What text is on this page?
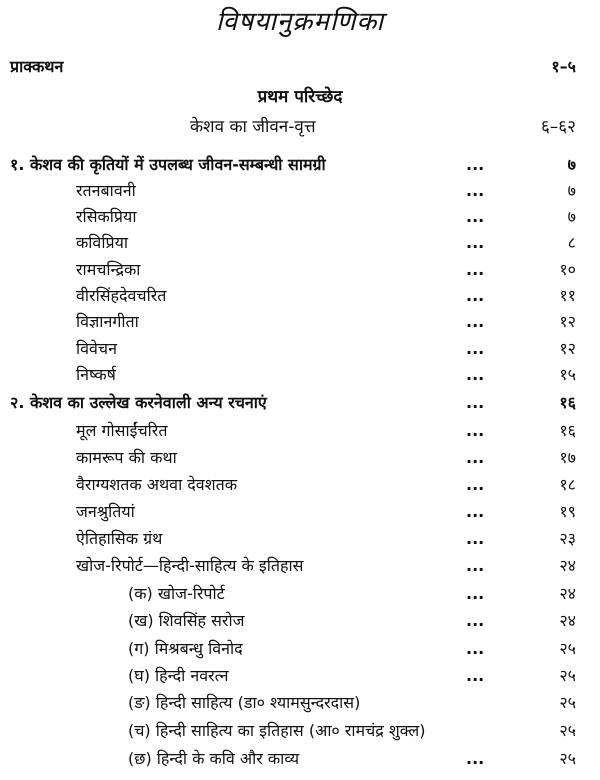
विषयानुक्रमणिका
प्राक्कथन	१–५
प्रथम परिच्छेद
केशव का जीवन-वृत्त	६–६२
१. केशव की कृतियों में उपलब्ध जीवन-सम्बन्धी सामग्री	...	७
रतनबावनी	...	७
रसिकप्रिया	...	७
कविप्रिया	...	८
रामचन्द्रिका	...	१०
वीरसिंहदेवचरित	...	११
विज्ञानगीता	...	१२
विवेचन	...	१२
निष्कर्ष	...	१५
२. केशव का उल्लेख करनेवाली अन्य रचनाएं	...	१६
मूल गोसाईंचरित	...	१६
कामरूप की कथा	...	१७
वैराग्यशतक अथवा देवशतक	...	१८
जनश्रुतियां	...	१९
ऐतिहासिक ग्रंथ	...	२३
खोज-रिपोर्ट—हिन्दी-साहित्य के इतिहास	...	२४
(क) खोज-रिपोर्ट	...	२४
(ख) शिवसिंह सरोज	...	२४
(ग) मिश्रबन्धु विनोद	...	२५
(घ) हिन्दी नवरत्न	...	२५
(ङ) हिन्दी साहित्य (डा० श्यामसुन्दरदास)	२५
(च) हिन्दी साहित्य का इतिहास (आ० रामचंद्र शुक्ल)	२५
(छ) हिन्दी के कवि और काव्य	...	२५
